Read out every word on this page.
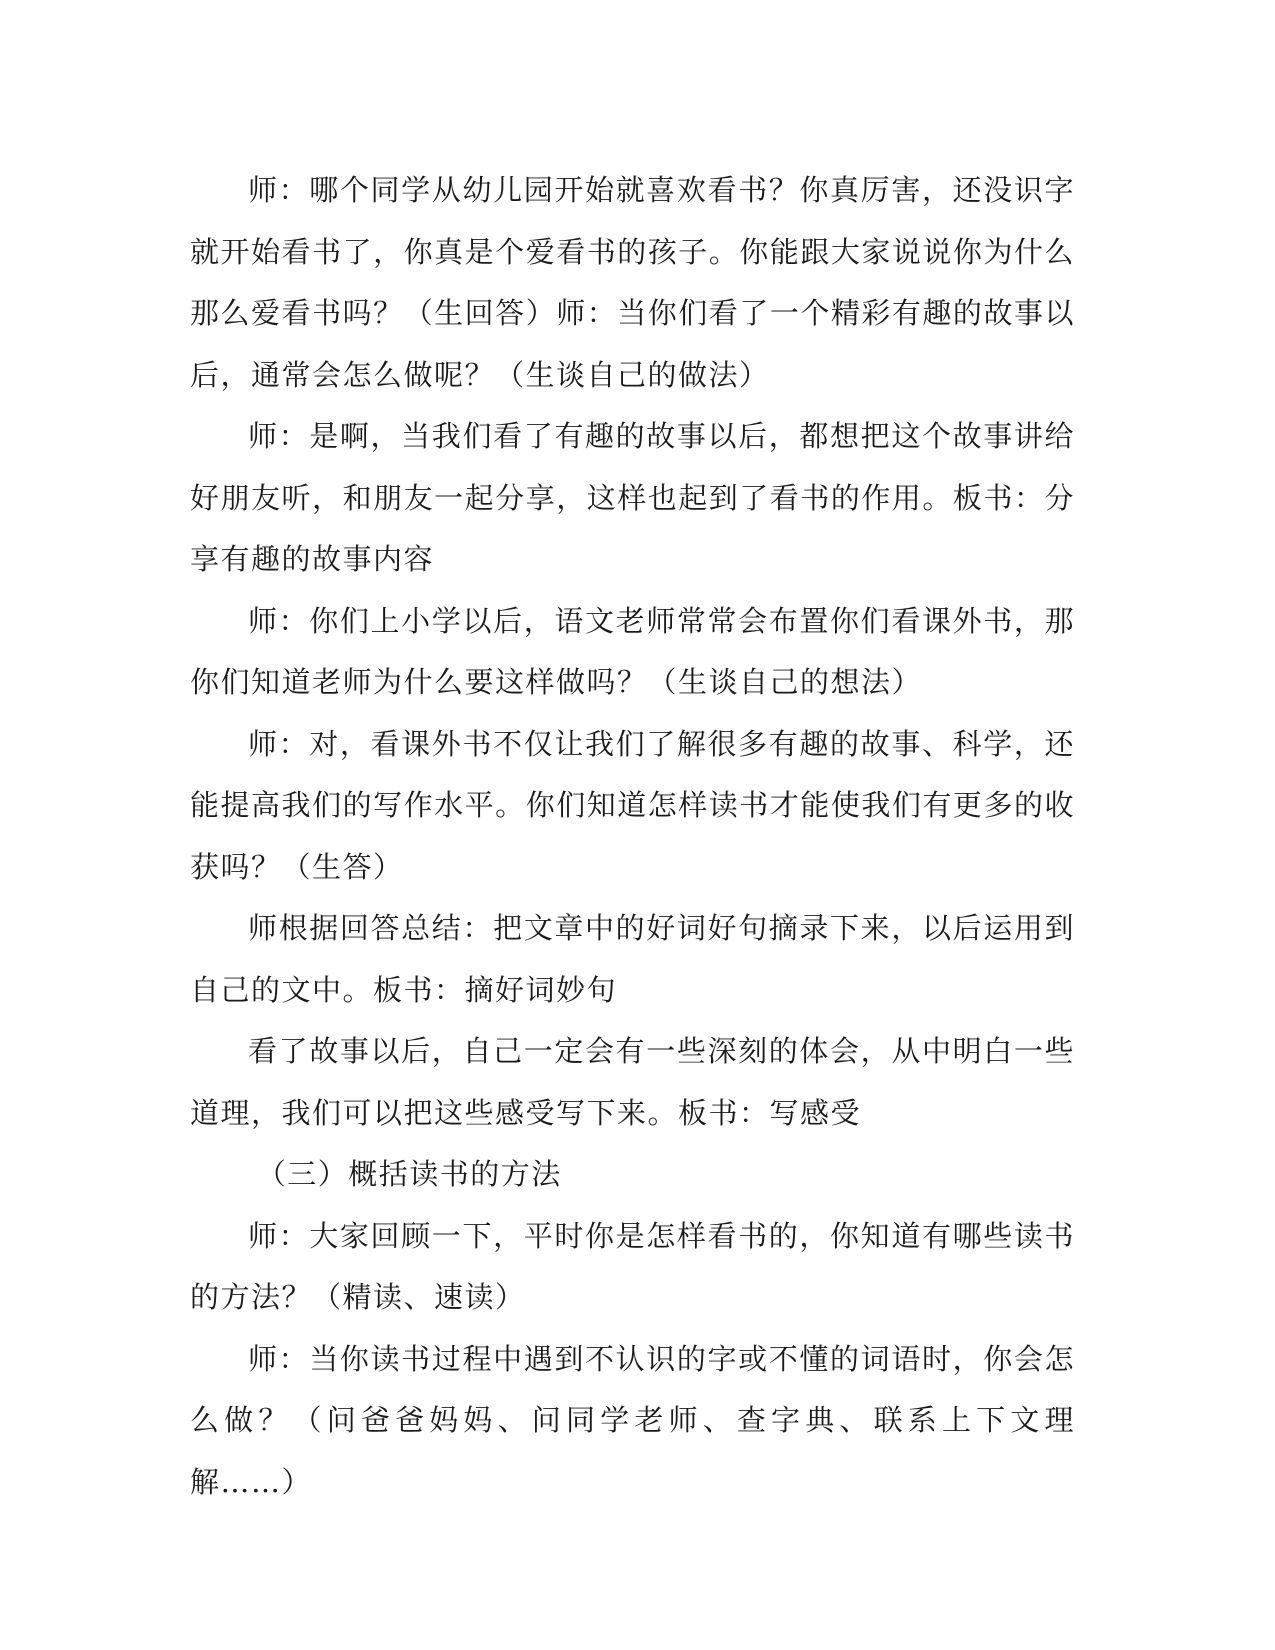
师：哪个同学从幼儿园开始就喜欢看书？你真厉害，还没识字就开始看书了，你真是个爱看书的孩子。你能跟大家说说你为什么那么爱看书吗？（生回答）师：当你们看了一个精彩有趣的故事以后，通常会怎么做呢？（生谈自己的做法）

师：是啊，当我们看了有趣的故事以后，都想把这个故事讲给好朋友听，和朋友一起分享，这样也起到了看书的作用。板书：分享有趣的故事内容

师：你们上小学以后，语文老师常常会布置你们看课外书，那你们知道老师为什么要这样做吗？（生谈自己的想法）

师：对，看课外书不仅让我们了解很多有趣的故事、科学，还能提高我们的写作水平。你们知道怎样读书才能使我们有更多的收获吗？（生答）

师根据回答总结：把文章中的好词好句摘录下来，以后运用到自己的文中。板书：摘好词妙句

看了故事以后，自己一定会有一些深刻的体会，从中明白一些道理，我们可以把这些感受写下来。板书：写感受

（三）概括读书的方法

师：大家回顾一下，平时你是怎样看书的，你知道有哪些读书的方法？（精读、速读）

师：当你读书过程中遇到不认识的字或不懂的词语时，你会怎么做？（问爸爸妈妈、问同学老师、查字典、联系上下文理解……）
